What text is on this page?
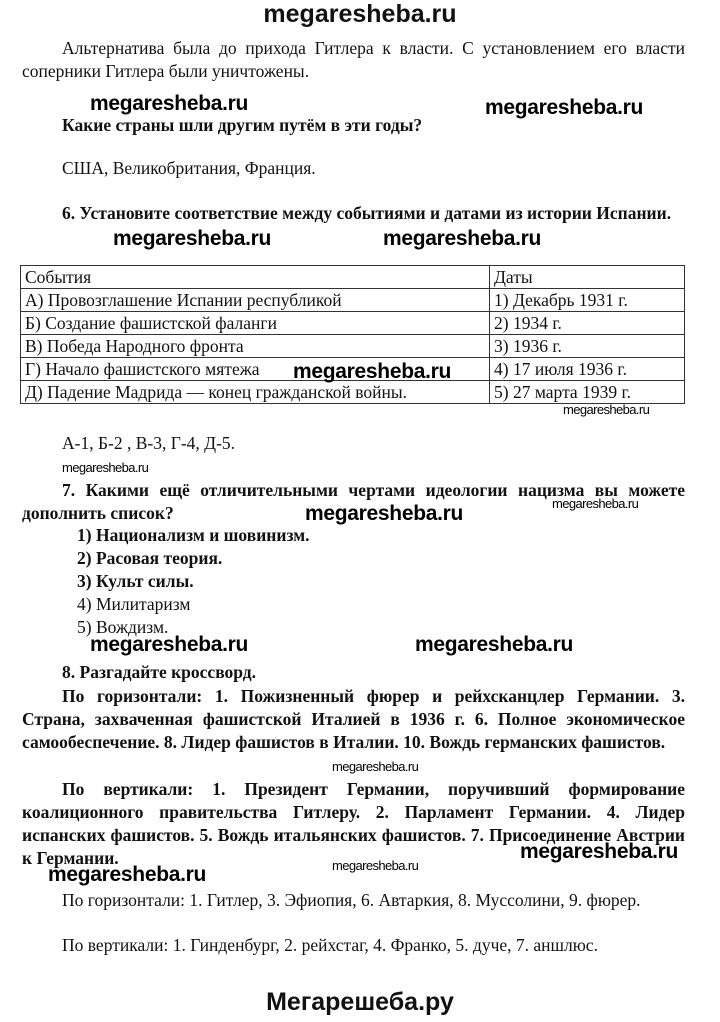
megaresheba.ru
Альтернатива была до прихода Гитлера к власти. С установлением его власти соперники Гитлера были уничтожены.
Какие страны шли другим путём в эти годы?
США, Великобритания, Франция.
6. Установите соответствие между событиями и датами из истории Испании.
События	Даты
А) Провозглашение Испании республикой	1) Декабрь 1931 г.
Б) Создание фашистской фаланги	2) 1934 г.
В) Победа Народного фронта	3) 1936 г.
Г) Начало фашистского мятежа	4) 17 июля 1936 г.
Д) Падение Мадрида — конец гражданской войны.	5) 27 марта 1939 г.
А-1, Б-2 , В-3, Г-4, Д-5.
7. Какими ещё отличительными чертами идеологии нацизма вы можете дополнить список?
1) Национализм и шовинизм.
2) Расовая теория.
3) Культ силы.
4) Милитаризм
5) Вождизм.
8. Разгадайте кроссворд.
По горизонтали: 1. Пожизненный фюрер и рейхсканцлер Германии. 3. Страна, захваченная фашистской Италией в 1936 г. 6. Полное экономическое самообеспечение. 8. Лидер фашистов в Италии. 10. Вождь германских фашистов.
По вертикали: 1. Президент Германии, поручивший формирование коалиционного правительства Гитлеру. 2. Парламент Германии. 4. Лидер испанских фашистов. 5. Вождь итальянских фашистов. 7. Присоединение Австрии к Германии.
По горизонтали: 1. Гитлер, 3. Эфиопия, 6. Автаркия, 8. Муссолини, 9. фюрер.
По вертикали: 1. Гинденбург, 2. рейхстаг, 4. Франко, 5. дуче, 7. аншлюс.
megaresheba.ru	megaresheba.ru
megaresheba.ru	megaresheba.ru
megaresheba.ru
megaresheba.ru
megaresheba.ru
megaresheba.ru
megaresheba.ru
megaresheba.ru	megaresheba.ru
megaresheba.ru
megaresheba.ru
megaresheba.ru
megaresheba.ru
Мегарешеба.ру
